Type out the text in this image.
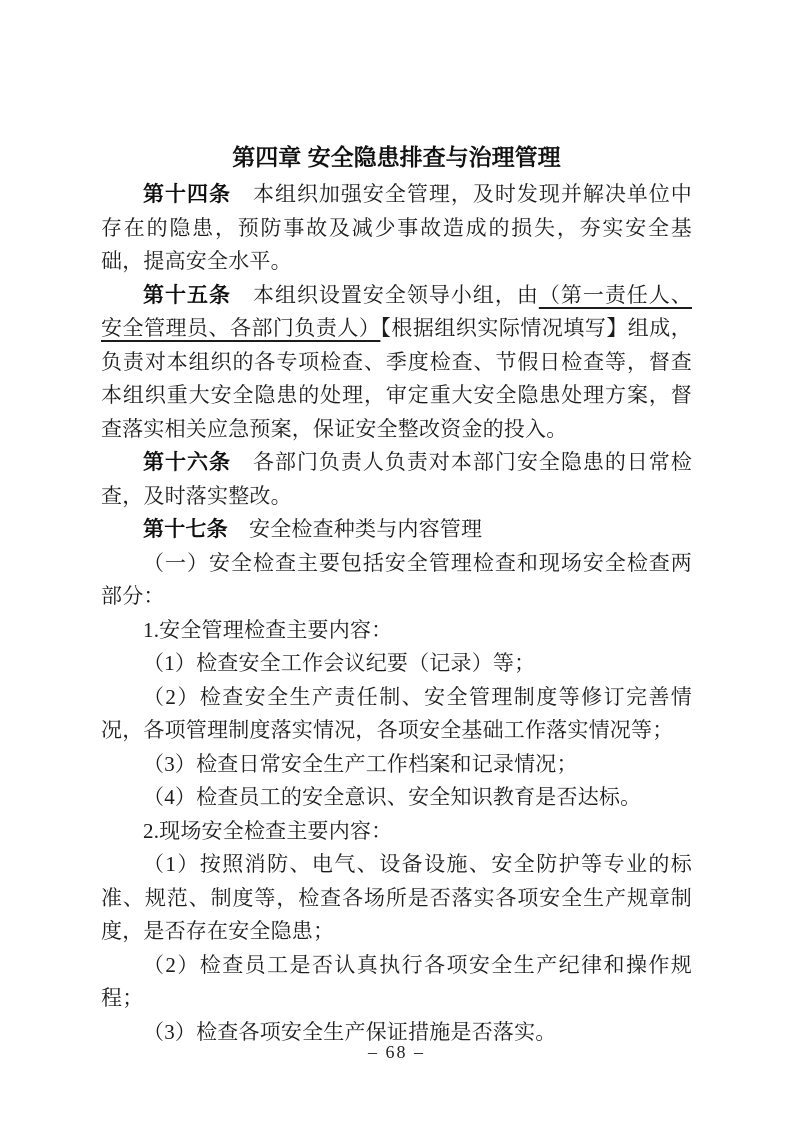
第四章 安全隐患排查与治理管理

第十四条　本组织加强安全管理，及时发现并解决单位中存在的隐患，预防事故及减少事故造成的损失，夯实安全基础，提高安全水平。

第十五条　本组织设置安全领导小组，由（第一责任人、安全管理员、各部门负责人）【根据组织实际情况填写】组成，负责对本组织的各专项检查、季度检查、节假日检查等，督查本组织重大安全隐患的处理，审定重大安全隐患处理方案，督查落实相关应急预案，保证安全整改资金的投入。

第十六条　各部门负责人负责对本部门安全隐患的日常检查，及时落实整改。

第十七条　安全检查种类与内容管理

（一）安全检查主要包括安全管理检查和现场安全检查两部分：

1.安全管理检查主要内容：

（1）检查安全工作会议纪要（记录）等；

（2）检查安全生产责任制、安全管理制度等修订完善情况，各项管理制度落实情况，各项安全基础工作落实情况等；

（3）检查日常安全生产工作档案和记录情况；

（4）检查员工的安全意识、安全知识教育是否达标。

2.现场安全检查主要内容：

（1）按照消防、电气、设备设施、安全防护等专业的标准、规范、制度等，检查各场所是否落实各项安全生产规章制度，是否存在安全隐患；

（2）检查员工是否认真执行各项安全生产纪律和操作规程；

（3）检查各项安全生产保证措施是否落实。

– 68 –
